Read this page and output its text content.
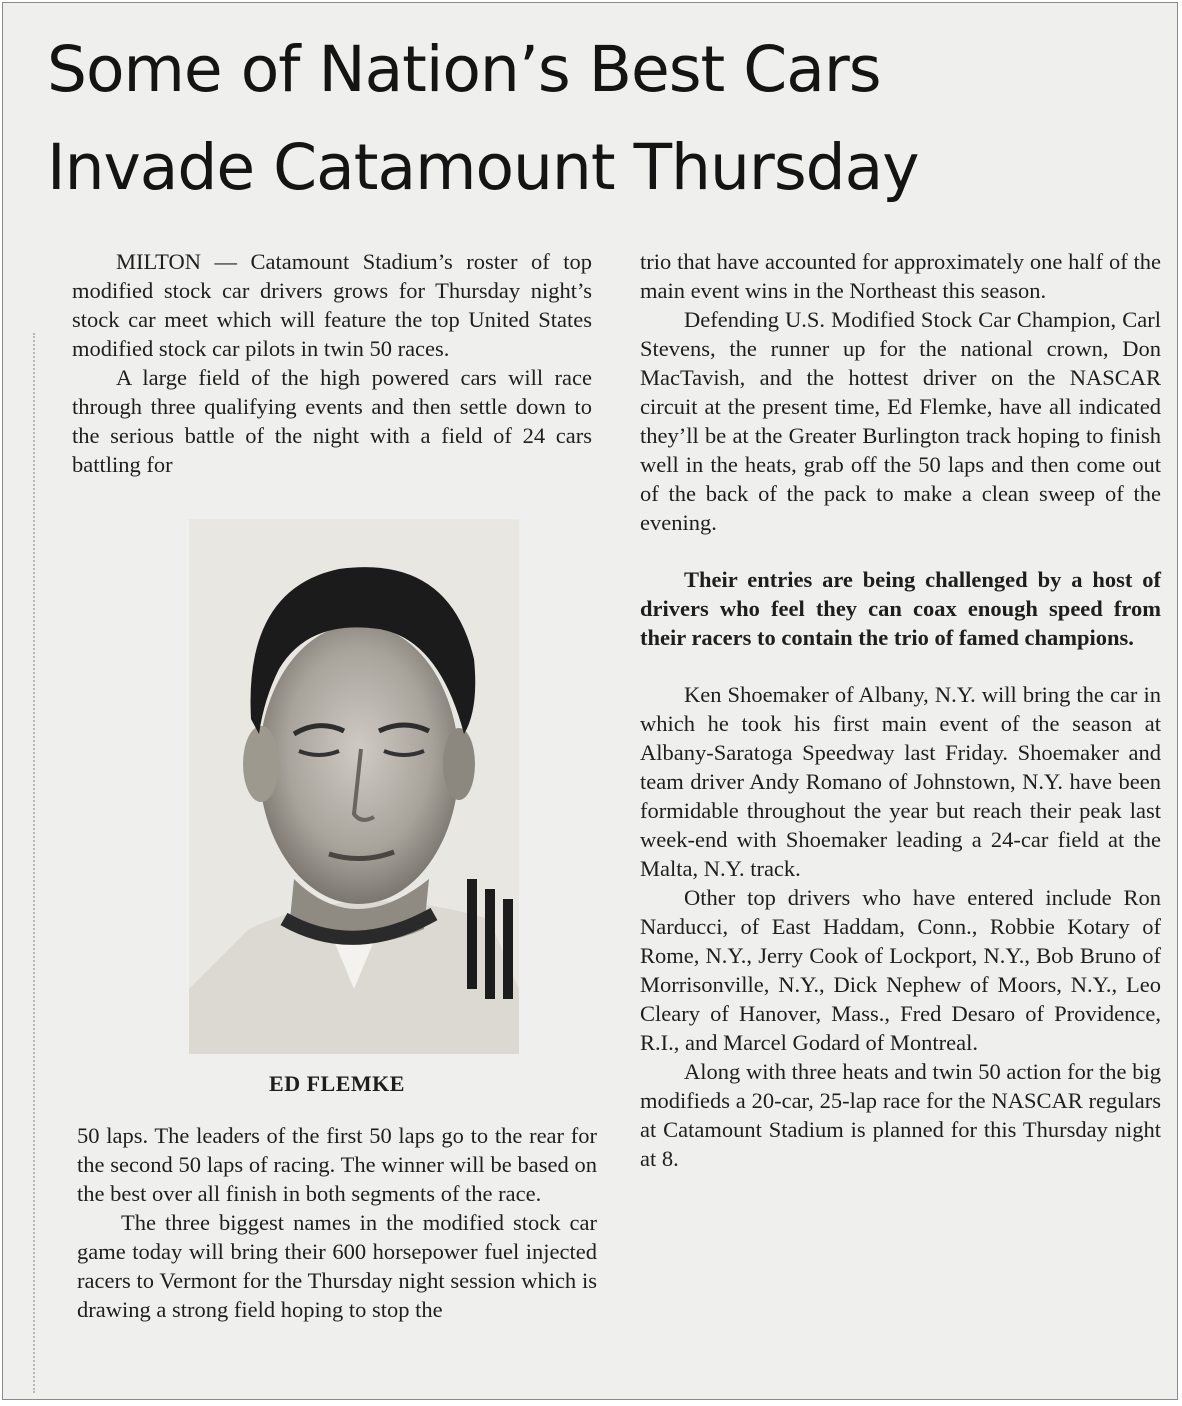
Some of Nation’s Best Cars
Invade Catamount Thursday

MILTON — Catamount Stadium’s roster of top modified stock car drivers grows for Thursday night’s stock car meet which will feature the top United States modified stock car pilots in twin 50 races.

A large field of the high powered cars will race through three qualifying events and then settle down to the serious battle of the night with a field of 24 cars battling for

ED FLEMKE

50 laps. The leaders of the first 50 laps go to the rear for the second 50 laps of racing. The winner will be based on the best over all finish in both segments of the race.

The three biggest names in the modified stock car game today will bring their 600 horsepower fuel injected racers to Vermont for the Thursday night session which is drawing a strong field hoping to stop the

trio that have accounted for approximately one half of the main event wins in the Northeast this season.

Defending U.S. Modified Stock Car Champion, Carl Stevens, the runner up for the national crown, Don MacTavish, and the hottest driver on the NASCAR circuit at the present time, Ed Flemke, have all indicated they’ll be at the Greater Burlington track hoping to finish well in the heats, grab off the 50 laps and then come out of the back of the pack to make a clean sweep of the evening.

Their entries are being challenged by a host of drivers who feel they can coax enough speed from their racers to contain the trio of famed champions.

Ken Shoemaker of Albany, N.Y. will bring the car in which he took his first main event of the season at Albany-Saratoga Speedway last Friday. Shoemaker and team driver Andy Romano of Johnstown, N.Y. have been formidable throughout the year but reach their peak last week-end with Shoemaker leading a 24-car field at the Malta, N.Y. track.

Other top drivers who have entered include Ron Narducci, of East Haddam, Conn., Robbie Kotary of Rome, N.Y., Jerry Cook of Lockport, N.Y., Bob Bruno of Morrisonville, N.Y., Dick Nephew of Moors, N.Y., Leo Cleary of Hanover, Mass., Fred Desaro of Providence, R.I., and Marcel Godard of Montreal.

Along with three heats and twin 50 action for the big modifieds a 20-car, 25-lap race for the NASCAR regulars at Catamount Stadium is planned for this Thursday night at 8.
